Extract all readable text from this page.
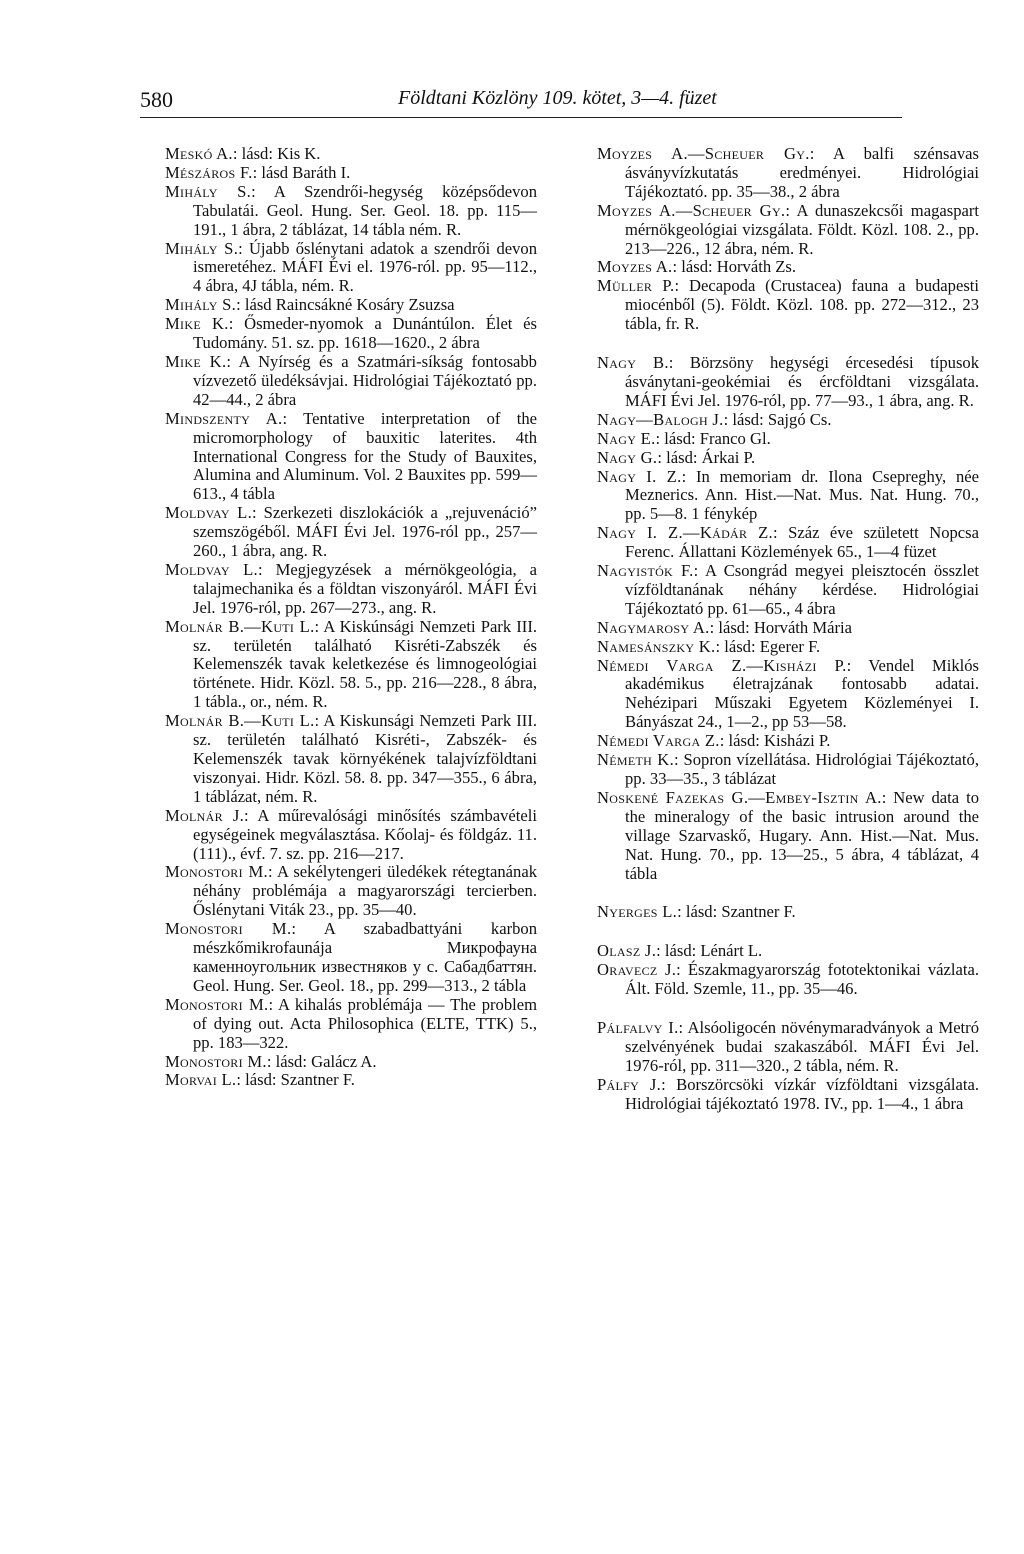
580	Földtani Közlöny 109. kötet, 3—4. füzet

Meskó A.: lásd: Kis K.

Mészáros F.: lásd Baráth I.

Mihály S.: A Szendrői-hegység középsődevon Tabulatái. Geol. Hung. Ser. Geol. 18. pp. 115—191., 1 ábra, 2 táblázat, 14 tábla ném. R.

Mihály S.: Újabb őslénytani adatok a szendrői devon ismeretéhez. MÁFI Évi el. 1976-ról. pp. 95—112., 4 ábra, 4J tábla, ném. R.

Mihály S.: lásd Raincsákné Kosáry Zsuzsa

Mike K.: Ősmeder-nyomok a Dunántúlon. Élet és Tudomány. 51. sz. pp. 1618—1620., 2 ábra

Mike K.: A Nyírség és a Szatmári-síkság fontosabb vízvezető üledéksávjai. Hidrológiai Tájékoztató pp. 42—44., 2 ábra

Mindszenty A.: Tentative interpretation of the micromorphology of bauxitic laterites. 4th International Congress for the Study of Bauxites, Alumina and Aluminum. Vol. 2 Bauxites pp. 599—613., 4 tábla

Moldvay L.: Szerkezeti diszlokációk a „rejuvenáció” szemszögéből. MÁFI Évi Jel. 1976-ról pp., 257—260., 1 ábra, ang. R.

Moldvay L.: Megjegyzések a mérnökgeológia, a talajmechanika és a földtan viszonyáról. MÁFI Évi Jel. 1976-ról, pp. 267—273., ang. R.

Molnár B.—Kuti L.: A Kiskúnsági Nemzeti Park III. sz. területén található Kisréti-Zabszék és Kelemenszék tavak keletkezése és limnogeológiai története. Hidr. Közl. 58. 5., pp. 216—228., 8 ábra, 1 tábla., or., ném. R.

Molnár B.—Kuti L.: A Kiskunsági Nemzeti Park III. sz. területén található Kisréti-, Zabszék- és Kelemenszék tavak környékének talajvízföldtani viszonyai. Hidr. Közl. 58. 8. pp. 347—355., 6 ábra, 1 táblázat, ném. R.

Molnár J.: A műrevalósági minősítés számbavételi egységeinek megválasztása. Kőolaj- és földgáz. 11. (111)., évf. 7. sz. pp. 216—217.

Monostori M.: A sekélytengeri üledékek rétegtanának néhány problémája a magyarországi tercierben. Őslénytani Viták 23., pp. 35—40.

Monostori M.: A szabadbattyáni karbon mészkőmikrofaunája Микрофауна каменноугольник известняков у с. Сабадбаттян. Geol. Hung. Ser. Geol. 18., pp. 299—313., 2 tábla

Monostori M.: A kihalás problémája — The problem of dying out. Acta Philosophica (ELTE, TTK) 5., pp. 183—322.

Monostori M.: lásd: Galácz A.

Morvai L.: lásd: Szantner F.

Moyzes A.—Scheuer Gy.: A balfi szénsavas ásványvízkutatás eredményei. Hidrológiai Tájékoztató. pp. 35—38., 2 ábra

Moyzes A.—Scheuer Gy.: A dunaszekcsői magaspart mérnökgeológiai vizsgálata. Földt. Közl. 108. 2., pp. 213—226., 12 ábra, ném. R.

Moyzes A.: lásd: Horváth Zs.

Müller P.: Decapoda (Crustacea) fauna a budapesti miocénből (5). Földt. Közl. 108. pp. 272—312., 23 tábla, fr. R.

Nagy B.: Börzsöny hegységi ércesedési típusok ásványtani-geokémiai és ércföldtani vizsgálata. MÁFI Évi Jel. 1976-ról, pp. 77—93., 1 ábra, ang. R.

Nagy—Balogh J.: lásd: Sajgó Cs.

Nagy E.: lásd: Franco Gl.

Nagy G.: lásd: Árkai P.

Nagy I. Z.: In memoriam dr. Ilona Csepreghy, née Meznerics. Ann. Hist.—Nat. Mus. Nat. Hung. 70., pp. 5—8. 1 fénykép

Nagy I. Z.—Kádár Z.: Száz éve született Nopcsa Ferenc. Állattani Közlemények 65., 1—4 füzet

Nagyistók F.: A Csongrád megyei pleisztocén összlet vízföldtanának néhány kérdése. Hidrológiai Tájékoztató pp. 61—65., 4 ábra

Nagymarosy A.: lásd: Horváth Mária

Namesánszky K.: lásd: Egerer F.

Némedi Varga Z.—Kisházi P.: Vendel Miklós akadémikus életrajzának fontosabb adatai. Nehézipari Műszaki Egyetem Közleményei I. Bányászat 24., 1—2., pp 53—58.

Némedi Varga Z.: lásd: Kisházi P.

Németh K.: Sopron vízellátása. Hidrológiai Tájékoztató, pp. 33—35., 3 táblázat

Noskené Fazekas G.—Embey-Isztin A.: New data to the mineralogy of the basic intrusion around the village Szarvaskő, Hugary. Ann. Hist.—Nat. Mus. Nat. Hung. 70., pp. 13—25., 5 ábra, 4 táblázat, 4 tábla

Nyerges L.: lásd: Szantner F.

Olasz J.: lásd: Lénárt L.

Oravecz J.: Északmagyarország fototektonikai vázlata. Ált. Föld. Szemle, 11., pp. 35—46.

Pálfalvy I.: Alsóoligocén növénymaradványok a Metró szelvényének budai szakaszából. MÁFI Évi Jel. 1976-ról, pp. 311—320., 2 tábla, ném. R.

Pálfy J.: Borszörcsöki vízkár vízföldtani vizsgálata. Hidrológiai tájékoztató 1978. IV., pp. 1—4., 1 ábra
